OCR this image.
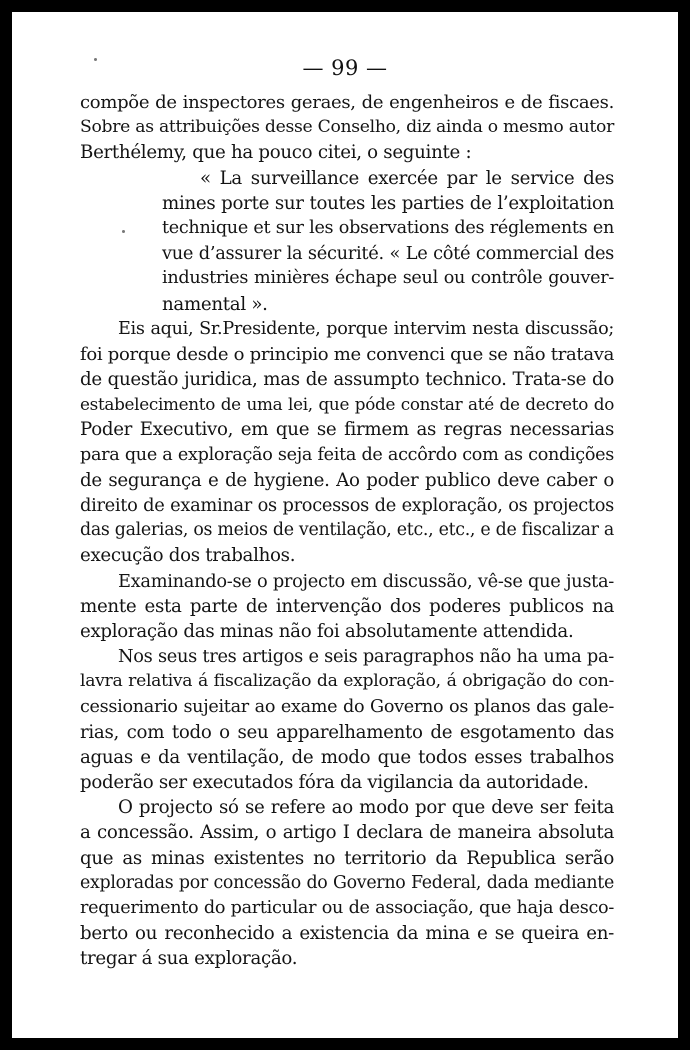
— 99 —
compõe de inspectores geraes, de engenheiros e de fiscaes.
Sobre as attribuições desse Conselho, diz ainda o mesmo autor
Berthélemy, que ha pouco citei, o seguinte :
« La surveillance exercée par le service des
mines porte sur toutes les parties de l’exploitation
technique et sur les observations des réglements en
vue d’assurer la sécurité. « Le côté commercial des
industries minières échape seul ou contrôle gouver-
namental ».
Eis aqui, Sr.Presidente, porque intervim nesta discussão;
foi porque desde o principio me convenci que se não tratava
de questão juridica, mas de assumpto technico. Trata-se do
estabelecimento de uma lei, que póde constar até de decreto do
Poder Executivo, em que se firmem as regras necessarias
para que a exploração seja feita de accôrdo com as condições
de segurança e de hygiene. Ao poder publico deve caber o
direito de examinar os processos de exploração, os projectos
das galerias, os meios de ventilação, etc., etc., e de fiscalizar a
execução dos trabalhos.
Examinando-se o projecto em discussão, vê-se que justa-
mente esta parte de intervenção dos poderes publicos na
exploração das minas não foi absolutamente attendida.
Nos seus tres artigos e seis paragraphos não ha uma pa-
lavra relativa á fiscalização da exploração, á obrigação do con-
cessionario sujeitar ao exame do Governo os planos das gale-
rias, com todo o seu apparelhamento de esgotamento das
aguas e da ventilação, de modo que todos esses trabalhos
poderão ser executados fóra da vigilancia da autoridade.
O projecto só se refere ao modo por que deve ser feita
a concessão. Assim, o artigo I declara de maneira absoluta
que as minas existentes no territorio da Republica serão
exploradas por concessão do Governo Federal, dada mediante
requerimento do particular ou de associação, que haja desco-
berto ou reconhecido a existencia da mina e se queira en-
tregar á sua exploração.
